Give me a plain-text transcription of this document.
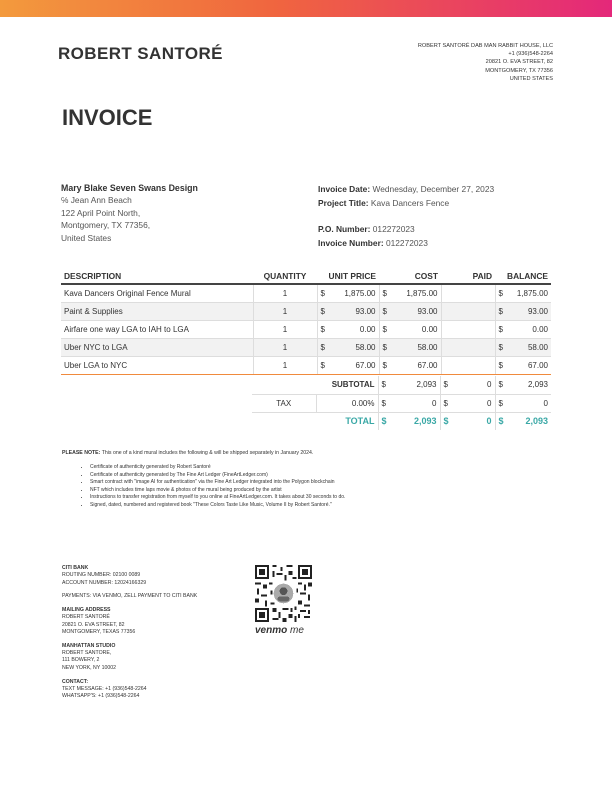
ROBERT SANTORÉ	ROBERT SANTORÉ DAB MAN RABBIT HOUSE, LLC
+1 (936)548-2264
20821 O. EVA STREET, 82
MONTGOMERY, TX 77356
UNITED STATES
INVOICE
Mary Blake Seven Swans Design
℅ Jean Ann Beach
122 April Point North,
Montgomery, TX 77356,
United States
Invoice Date: Wednesday, December 27, 2023
Project Title: Kava Dancers Fence
P.O. Number: 012272023
Invoice Number: 012272023
DESCRIPTION	QUANTITY	UNIT PRICE		COST		PAID	BALANCE	
Kava Dancers Original Fence Mural	1	$	1,875.00	$	1,875.00		$	1,875.00
Paint & Supplies	1	$	93.00	$	93.00		$	93.00
Airfare one way LGA to IAH to LGA	1	$	0.00	$	0.00		$	0.00
Uber NYC to LGA	1	$	58.00	$	58.00		$	58.00
Uber LGA to NYC	1	$	67.00	$	67.00		$	67.00
	SUBTOTAL	$	2,093	$	0	$	2,093
TAX	0.00%	$	0	$	0	$	0
	TOTAL	$	2,093	$	0	$	2,093
PLEASE NOTE: This one of a kind mural includes the following & will be shipped separately in January 2024.
• Certificate of authenticity generated by Robert Santoré
• Certificate of authenticity generated by The Fine Art Ledger (FineArtLedger.com)
• Smart contract with "image AI for authentication" via the Fine Art Ledger integrated into the Polygon blockchain
• NFT which includes time laps movie & photos of the mural being produced by the artist
• Instructions to transfer registration from myself to you online at FineArtLedger.com. It takes about 30 seconds to do.
• Signed, dated, numbered and registered book "These Colors Taste Like Music, Volume II by Robert Santoré."
CITI BANK
ROUTING NUMBER: 02100 0089
ACCOUNT NUMBER: 12024166329
PAYMENTS: VIA VENMO, ZELL PAYMENT TO CITI BANK
MAILING ADDRESS
ROBERT SANTORÉ
20821 O. EVA STREET, 82
MONTGOMERY, TEXAS 77356
MANHATTAN STUDIO
ROBERT SANTORE,
111 BOWERY, 2
NEW YORK, NY 10002
CONTACT:
TEXT MESSAGE: +1 (936)548-2264
WHATSAPP'S: +1 (936)548-2264
venmo me
